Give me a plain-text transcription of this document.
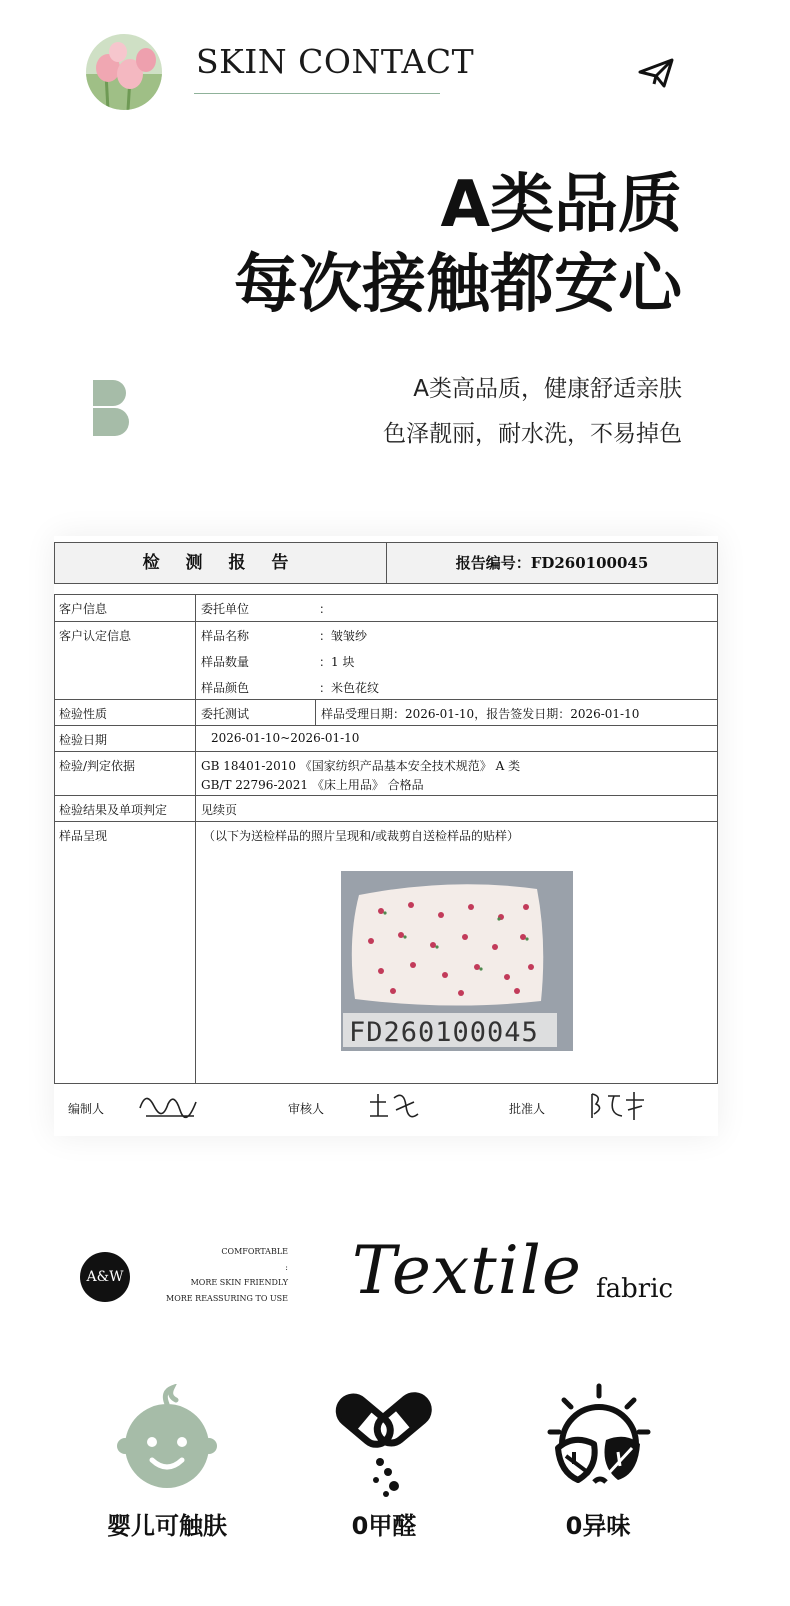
SKIN CONTACT
A类品质
每次接触都安心
A类高品质，健康舒适亲肤
色泽靓丽，耐水洗，不易掉色
检 测 报 告	报告编号：FD260100045
客户信息	委托单位	：
客户认定信息	样品名称	：皱皱纱
样品数量	：1 块
样品颜色	：米色花纹
检验性质	委托测试	样品受理日期：2026-01-10，报告签发日期：2026-01-10
检验日期	2026-01-10~2026-01-10
检验/判定依据	GB 18401-2010 《国家纺织产品基本安全技术规范》 A 类
GB/T 22796-2021 《床上用品》 合格品
检验结果及单项判定	见续页
样品呈现	（以下为送检样品的照片呈现和/或裁剪自送检样品的贴样）
FD260100045
编制人	审核人	批准人
A&W
COMFORTABLE
:
MORE SKIN FRIENDLY
MORE REASSURING TO USE Textile fabric
婴儿可触肤	0甲醛	0异味
